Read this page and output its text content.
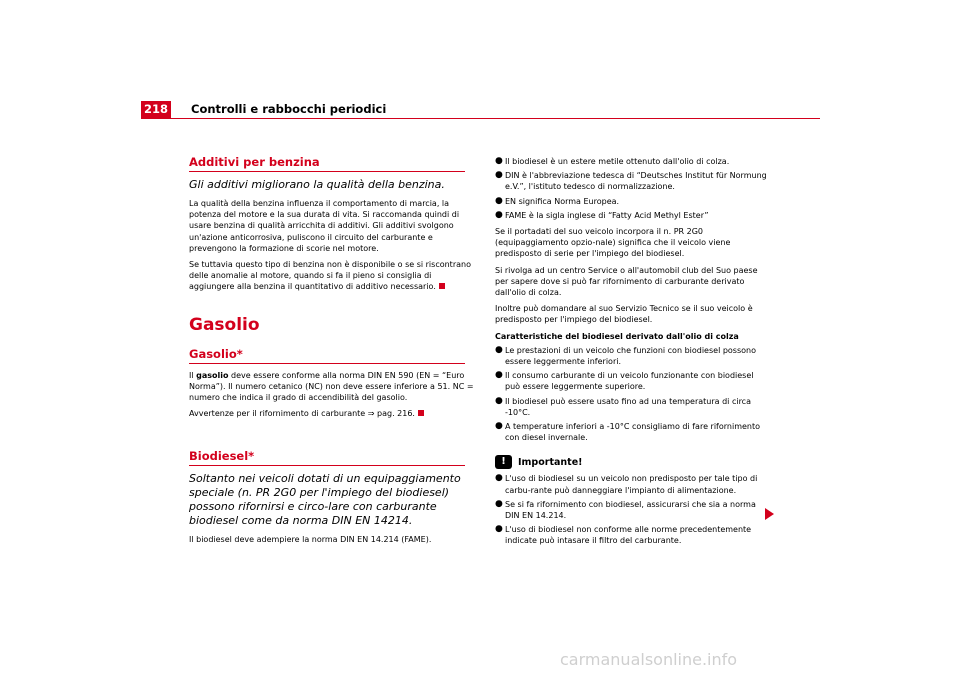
218 Controlli e rabbocchi periodici
Additivi per benzina
Gli additivi migliorano la qualità della benzina.

La qualità della benzina influenza il comportamento di marcia, la potenza del motore e la sua durata di vita. Si raccomanda quindi di usare benzina di qualità arricchita di additivi. Gli additivi svolgono un'azione anticorrosiva, puliscono il circuito del carburante e prevengono la formazione di scorie nel motore.

Se tuttavia questo tipo di benzina non è disponibile o se si riscontrano delle anomalie al motore, quando si fa il pieno si consiglia di aggiungere alla benzina il quantitativo di additivo necessario.

Gasolio
Gasolio*

Il gasolio deve essere conforme alla norma DIN EN 590 (EN = “Euro Norma”). Il numero cetanico (NC) non deve essere inferiore a 51. NC = numero che indica il grado di accendibilità del gasolio.

Avvertenze per il rifornimento di carburante ⇒ pag. 216.

Biodiesel*
Soltanto nei veicoli dotati di un equipaggiamento speciale (n. PR 2G0 per l'impiego del biodiesel) possono rifornirsi e circo-lare con carburante biodiesel come da norma DIN EN 14214.

Il biodiesel deve adempiere la norma DIN EN 14.214 (FAME).

● Il biodiesel è un estere metile ottenuto dall'olio di colza.
● DIN è l'abbreviazione tedesca di “Deutsches Institut für Normung e.V.”, l'istituto tedesco di normalizzazione.
● EN significa Norma Europea.
● FAME è la sigla inglese di “Fatty Acid Methyl Ester”

Se il portadati del suo veicolo incorpora il n. PR 2G0 (equipaggiamento opzio-nale) significa che il veicolo viene predisposto di serie per l'impiego del biodiesel.

Si rivolga ad un centro Service o all'automobil club del Suo paese per sapere dove si può far rifornimento di carburante derivato dall'olio di colza.

Inoltre può domandare al suo Servizio Tecnico se il suo veicolo è predisposto per l'impiego del biodiesel.

Caratteristiche del biodiesel derivato dall'olio di colza

● Le prestazioni di un veicolo che funzioni con biodiesel possono essere leggermente inferiori.
● Il consumo carburante di un veicolo funzionante con biodiesel può essere leggermente superiore.
● Il biodiesel può essere usato fino ad una temperatura di circa -10°C.
● A temperature inferiori a -10°C consigliamo di fare rifornimento con diesel invernale.
!	Importante!
● L'uso di biodiesel su un veicolo non predisposto per tale tipo di carbu-rante può danneggiare l'impianto di alimentazione.
● Se si fa rifornimento con biodiesel, assicurarsi che sia a norma DIN EN 14.214.
● L'uso di biodiesel non conforme alle norme precedentemente indicate può intasare il filtro del carburante.
carmanualsonline.info
